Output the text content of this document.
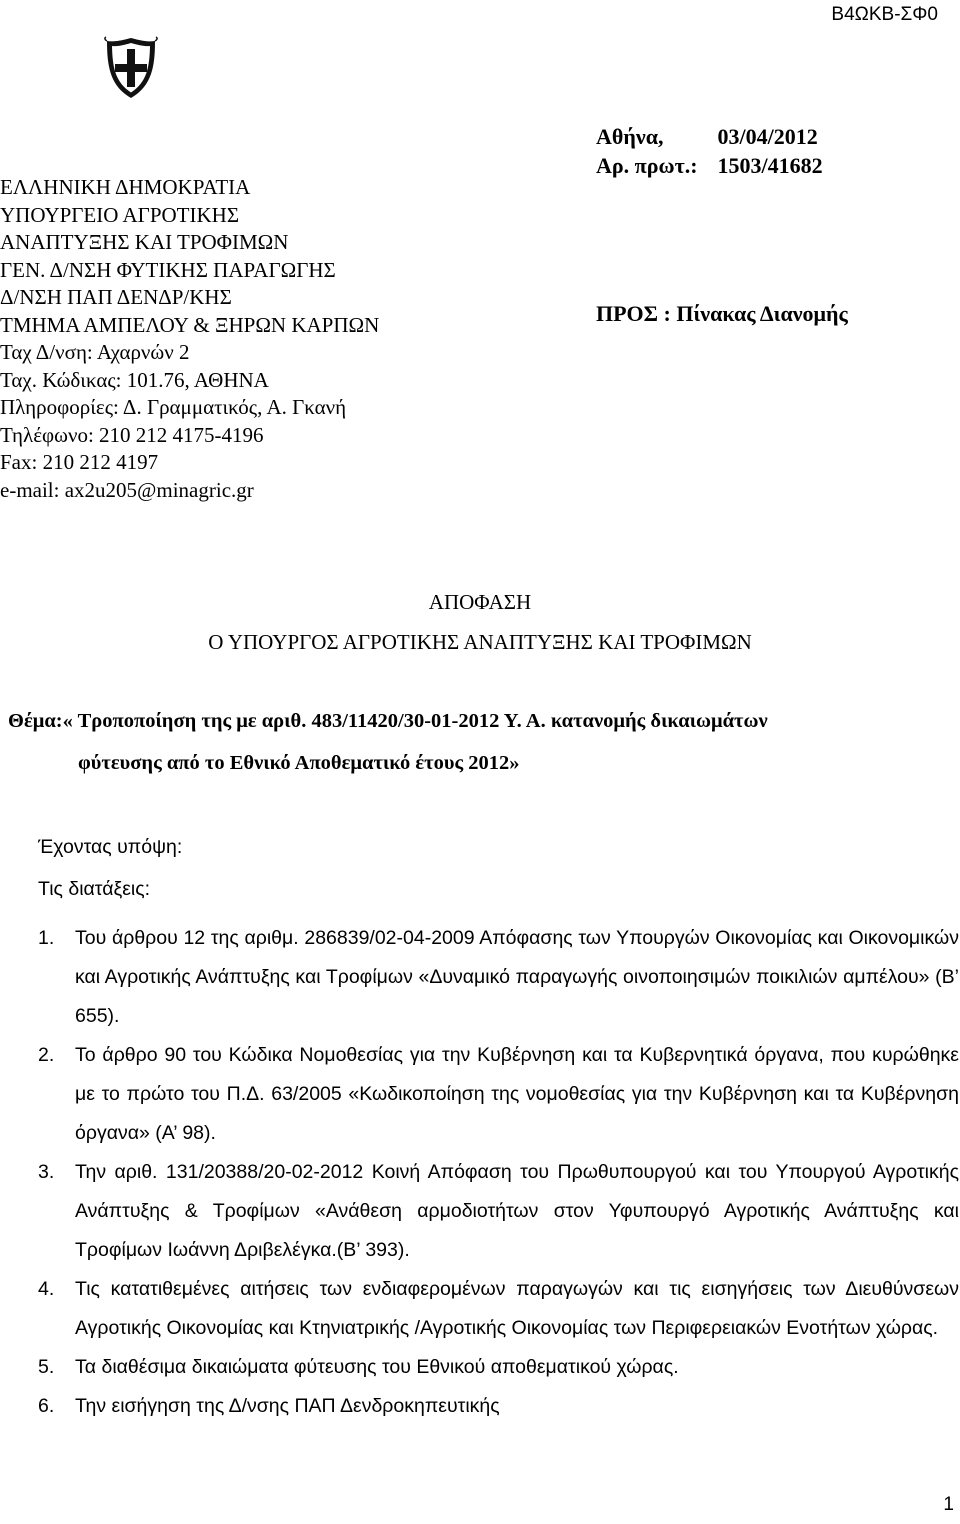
Β4ΩΚΒ-ΣΦ0
ΕΛΛΗΝΙΚΗ ΔΗΜΟΚΡΑΤΙΑ
ΥΠΟΥΡΓΕΙΟ ΑΓΡΟΤΙΚΗΣ
ΑΝΑΠΤΥΞΗΣ ΚΑΙ ΤΡΟΦΙΜΩΝ
ΓΕΝ. Δ/ΝΣΗ ΦΥΤΙΚΗΣ ΠΑΡΑΓΩΓΗΣ
Δ/ΝΣΗ ΠΑΠ ΔΕΝΔΡ/ΚΗΣ
ΤΜΗΜΑ ΑΜΠΕΛΟΥ & ΞΗΡΩΝ ΚΑΡΠΩΝ
Ταχ Δ/νση: Αχαρνών 2
Ταχ. Κώδικας: 101.76, ΑΘΗΝΑ
Πληροφορίες: Δ. Γραμματικός, Α. Γκανή
Τηλέφωνο: 210 212 4175-4196
Fax: 210 212 4197
e-mail: ax2u205@minagric.gr
Αθήνα, 03/04/2012
Αρ. πρωτ.: 1503/41682
ΠΡΟΣ : Πίνακας Διανομής
ΑΠΟΦΑΣΗ
Ο ΥΠΟΥΡΓΟΣ ΑΓΡΟΤΙΚΗΣ ΑΝΑΠΤΥΞΗΣ ΚΑΙ ΤΡΟΦΙΜΩΝ
Θέμα:« Τροποποίηση της με αριθ. 483/11420/30-01-2012 Υ. Α. κατανομής δικαιωμάτων
φύτευσης από το Εθνικό Αποθεματικό έτους 2012»
Έχοντας υπόψη:
Τις διατάξεις:
1. Του άρθρου 12 της αριθμ. 286839/02-04-2009 Απόφασης των Υπουργών Οικονομίας και Οικονομικών και Αγροτικής Ανάπτυξης και Τροφίμων «Δυναμικό παραγωγής οινοποιησιμών ποικιλιών αμπέλου» (Β’ 655).
2. Το άρθρο 90 του Κώδικα Νομοθεσίας για την Κυβέρνηση και τα Κυβερνητικά όργανα, που κυρώθηκε με το πρώτο του Π.Δ. 63/2005 «Κωδικοποίηση της νομοθεσίας για την Κυβέρνηση και τα Κυβέρνηση όργανα» (Α’ 98).
3. Την αριθ. 131/20388/20-02-2012 Κοινή Απόφαση του Πρωθυπουργού και του Υπουργού Αγροτικής Ανάπτυξης & Τροφίμων «Ανάθεση αρμοδιοτήτων στον Υφυπουργό Αγροτικής Ανάπτυξης και Τροφίμων Ιωάννη Δριβελέγκα.(Β’ 393).
4. Τις κατατιθεμένες αιτήσεις των ενδιαφερομένων παραγωγών και τις εισηγήσεις των Διευθύνσεων Αγροτικής Οικονομίας και Κτηνιατρικής /Αγροτικής Οικονομίας των Περιφερειακών Ενοτήτων χώρας.
5. Τα διαθέσιμα δικαιώματα φύτευσης του Εθνικού αποθεματικού χώρας.
6. Την εισήγηση της Δ/νσης ΠΑΠ Δενδροκηπευτικής
1
